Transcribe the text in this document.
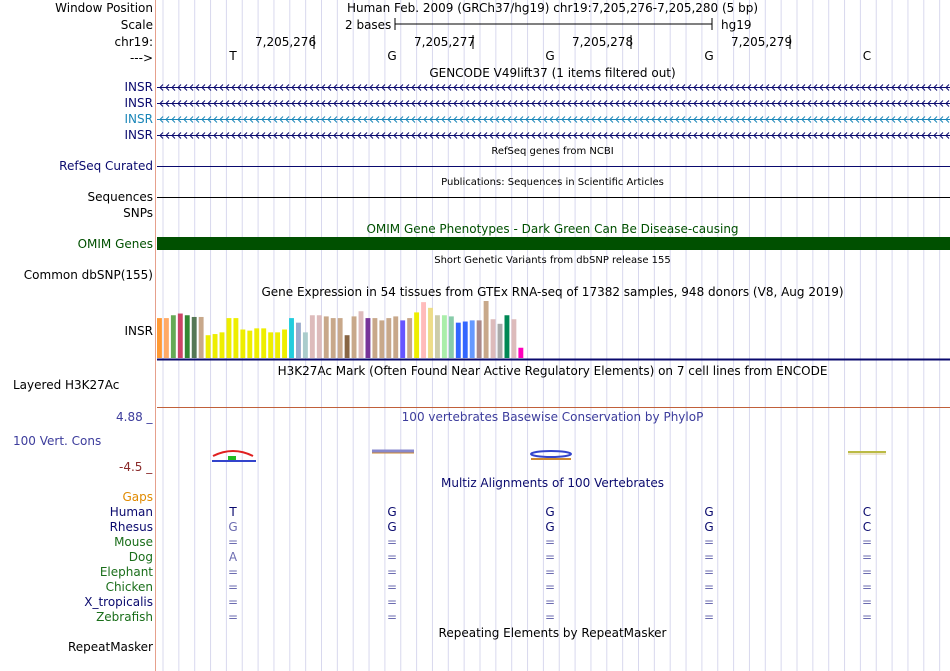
Window Position	Human Feb. 2009 (GRCh37/hg19) chr19:7,205,276-7,205,280 (5 bp)
Scale	2 bases	hg19
chr19:	7,205,276	7,205,277	7,205,278	7,205,279
--->	T	G	G	G	C
GENCODE V49lift37 (1 items filtered out)
INSR
INSR
INSR
INSR
RefSeq genes from NCBI
RefSeq Curated
Publications: Sequences in Scientific Articles
Sequences
SNPs
OMIM Gene Phenotypes - Dark Green Can Be Disease-causing
OMIM Genes
Short Genetic Variants from dbSNP release 155
Common dbSNP(155)
Gene Expression in 54 tissues from GTEx RNA-seq of 17382 samples, 948 donors (V8, Aug 2019)
INSR
H3K27Ac Mark (Often Found Near Active Regulatory Elements) on 7 cell lines from ENCODE
Layered H3K27Ac
100 vertebrates Basewise Conservation by PhyloP
4.88 _
100 Vert. Cons
-4.5 _
Multiz Alignments of 100 Vertebrates
Gaps
Human	T	G	G	G	C
Rhesus	G	G	G	G	C
Mouse	=	=	=	=	=
Dog	A	=	=	=	=
Elephant	=	=	=	=	=
Chicken	=	=	=	=	=
X_tropicalis	=	=	=	=	=
Zebrafish	=	=	=	=	=
Repeating Elements by RepeatMasker
RepeatMasker
